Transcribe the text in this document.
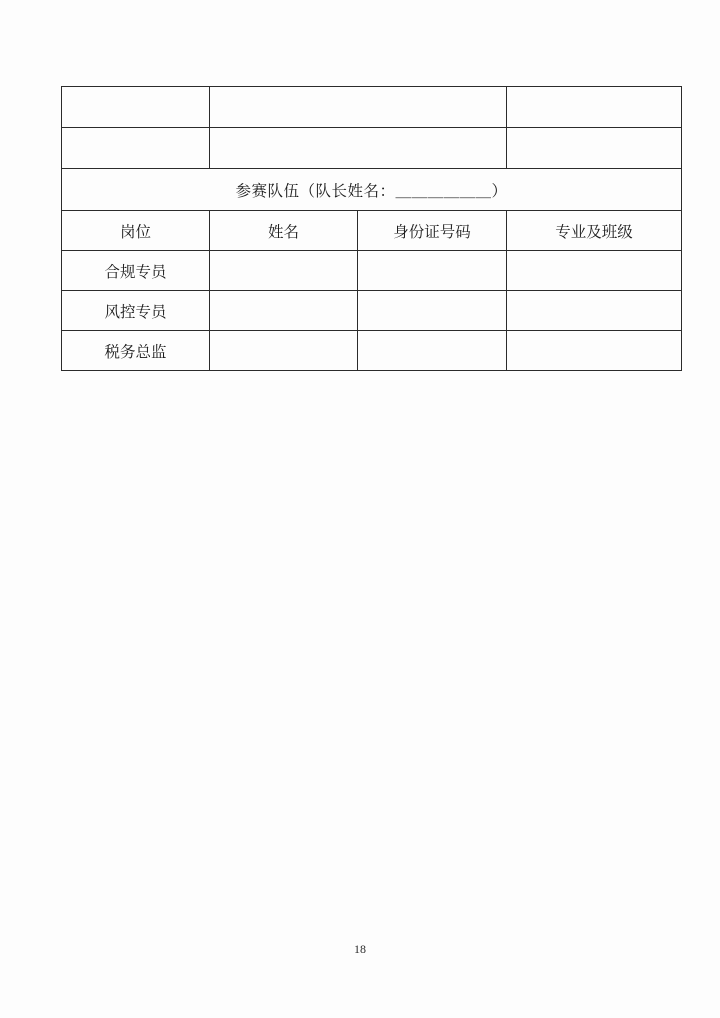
参赛队伍（队长姓名：＿＿＿＿＿＿）			
岗位	姓名	身份证号码	专业及班级
合规专员			
风控专员			
税务总监			
18
